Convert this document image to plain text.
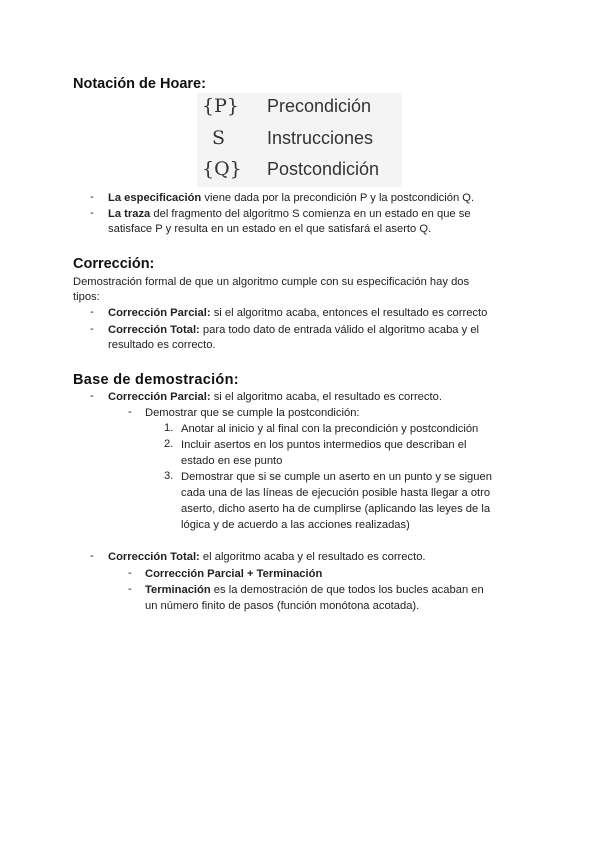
Notación de Hoare:
{P} Precondición
S Instrucciones
{Q} Postcondición
- La especificación viene dada por la precondición P y la postcondición Q.
- La traza del fragmento del algoritmo S comienza en un estado en que se
satisface P y resulta en un estado en el que satisfará el aserto Q.
Corrección:
Demostración formal de que un algoritmo cumple con su especificación hay dos
tipos:
- Corrección Parcial: si el algoritmo acaba, entonces el resultado es correcto
- Corrección Total: para todo dato de entrada válido el algoritmo acaba y el
resultado es correcto.
Base de demostración:
- Corrección Parcial: si el algoritmo acaba, el resultado es correcto.
- Demostrar que se cumple la postcondición:
1. Anotar al inicio y al final con la precondición y postcondición
2. Incluir asertos en los puntos intermedios que describan el
estado en ese punto
3. Demostrar que si se cumple un aserto en un punto y se siguen
cada una de las líneas de ejecución posible hasta llegar a otro
aserto, dicho aserto ha de cumplirse (aplicando las leyes de la
lógica y de acuerdo a las acciones realizadas)
- Corrección Total: el algoritmo acaba y el resultado es correcto.
- Corrección Parcial + Terminación
- Terminación es la demostración de que todos los bucles acaban en
un número finito de pasos (función monótona acotada).
